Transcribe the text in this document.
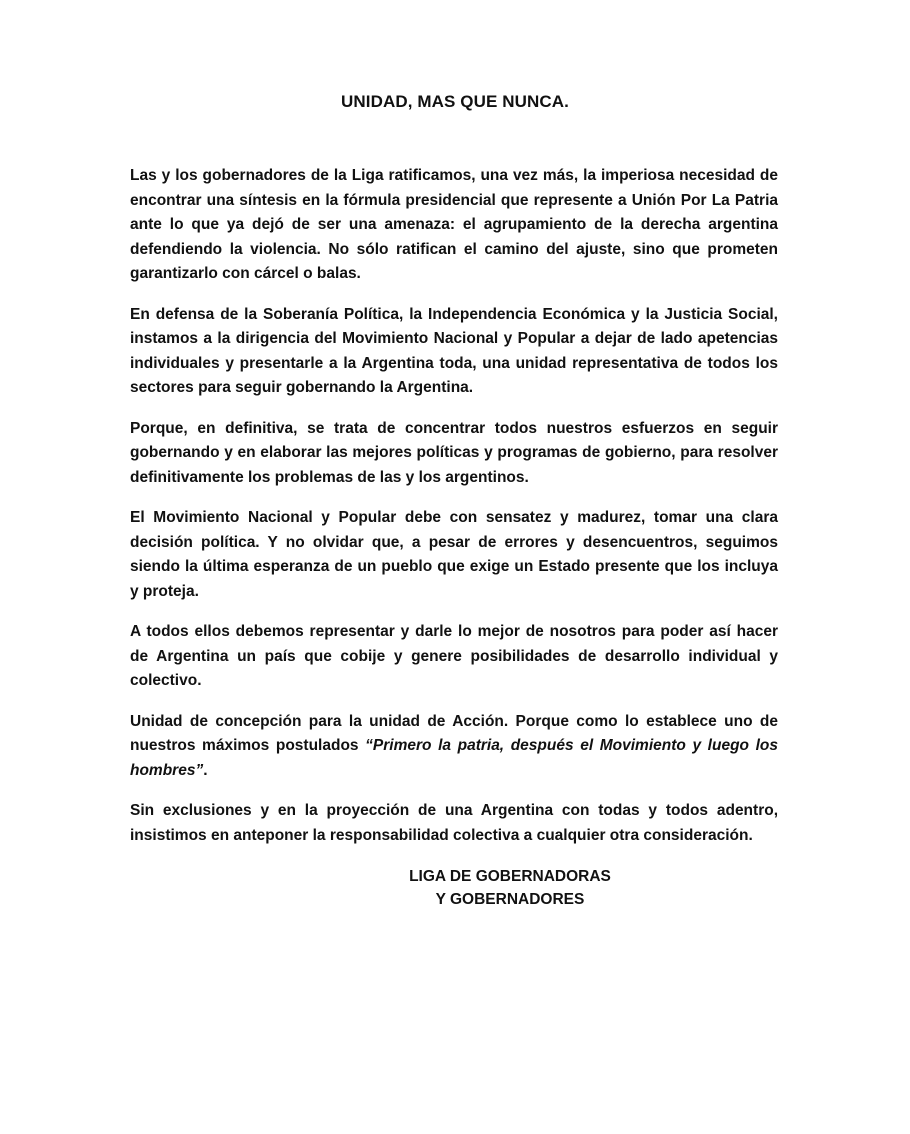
UNIDAD, MAS QUE NUNCA.

Las y los gobernadores de la Liga ratificamos, una vez más, la imperiosa necesidad de encontrar una síntesis en la fórmula presidencial que represente a Unión Por La Patria ante lo que ya dejó de ser una amenaza: el agrupamiento de la derecha argentina defendiendo la violencia. No sólo ratifican el camino del ajuste, sino que prometen garantizarlo con cárcel o balas.

En defensa de la Soberanía Política, la Independencia Económica y la Justicia Social, instamos a la dirigencia del Movimiento Nacional y Popular a dejar de lado apetencias individuales y presentarle a la Argentina toda, una unidad representativa de todos los sectores para seguir gobernando la Argentina.

Porque, en definitiva, se trata de concentrar todos nuestros esfuerzos en seguir gobernando y en elaborar las mejores políticas y programas de gobierno, para resolver definitivamente los problemas de las y los argentinos.

El Movimiento Nacional y Popular debe con sensatez y madurez, tomar una clara decisión política. Y no olvidar que, a pesar de errores y desencuentros, seguimos siendo la última esperanza de un pueblo que exige un Estado presente que los incluya y proteja.

A todos ellos debemos representar y darle lo mejor de nosotros para poder así hacer de Argentina un país que cobije y genere posibilidades de desarrollo individual y colectivo.

Unidad de concepción para la unidad de Acción. Porque como lo establece uno de nuestros máximos postulados “Primero la patria, después el Movimiento y luego los hombres”.

Sin exclusiones y en la proyección de una Argentina con todas y todos adentro, insistimos en anteponer la responsabilidad colectiva a cualquier otra consideración.

LIGA DE GOBERNADORAS
Y GOBERNADORES
